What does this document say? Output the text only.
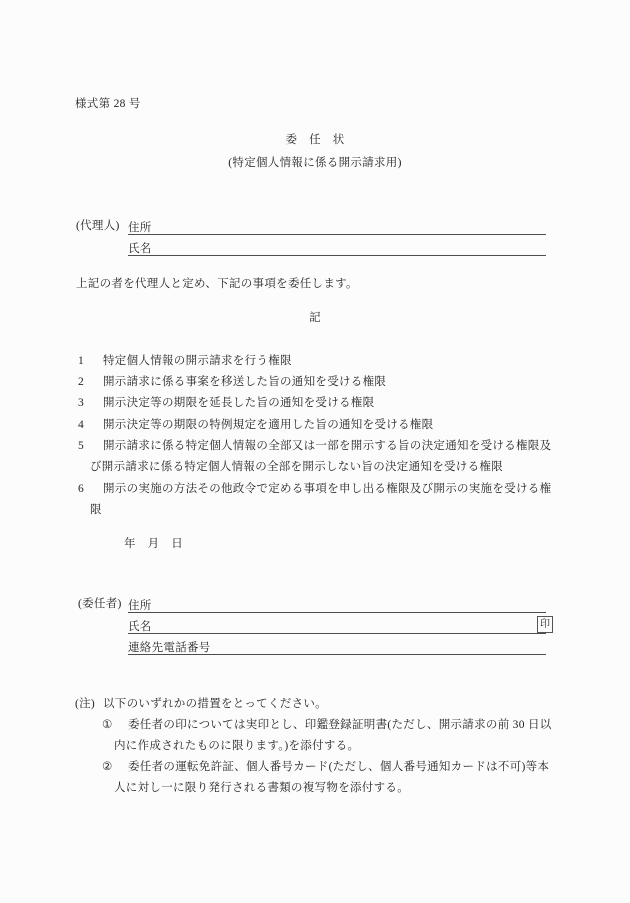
様式第 28 号
委　任　状
(特定個人情報に係る開示請求用)
(代理人) 住所
氏名
上記の者を代理人と定め、下記の事項を委任します。
記
1 特定個人情報の開示請求を行う権限
2 開示請求に係る事案を移送した旨の通知を受ける権限
3 開示決定等の期限を延長した旨の通知を受ける権限
4 開示決定等の期限の特例規定を適用した旨の通知を受ける権限
5 開示請求に係る特定個人情報の全部又は一部を開示する旨の決定通知を受ける権限及
び開示請求に係る特定個人情報の全部を開示しない旨の決定通知を受ける権限
6 開示の実施の方法その他政令で定める事項を申し出る権限及び開示の実施を受ける権
限
年　月　日
(委任者) 住所
氏名	印
連絡先電話番号
(注) 以下のいずれかの措置をとってください。
① 委任者の印については実印とし、印鑑登録証明書(ただし、開示請求の前 30 日以
内に作成されたものに限ります。)を添付する。
② 委任者の運転免許証、個人番号カード(ただし、個人番号通知カードは不可)等本
人に対し一に限り発行される書類の複写物を添付する。
